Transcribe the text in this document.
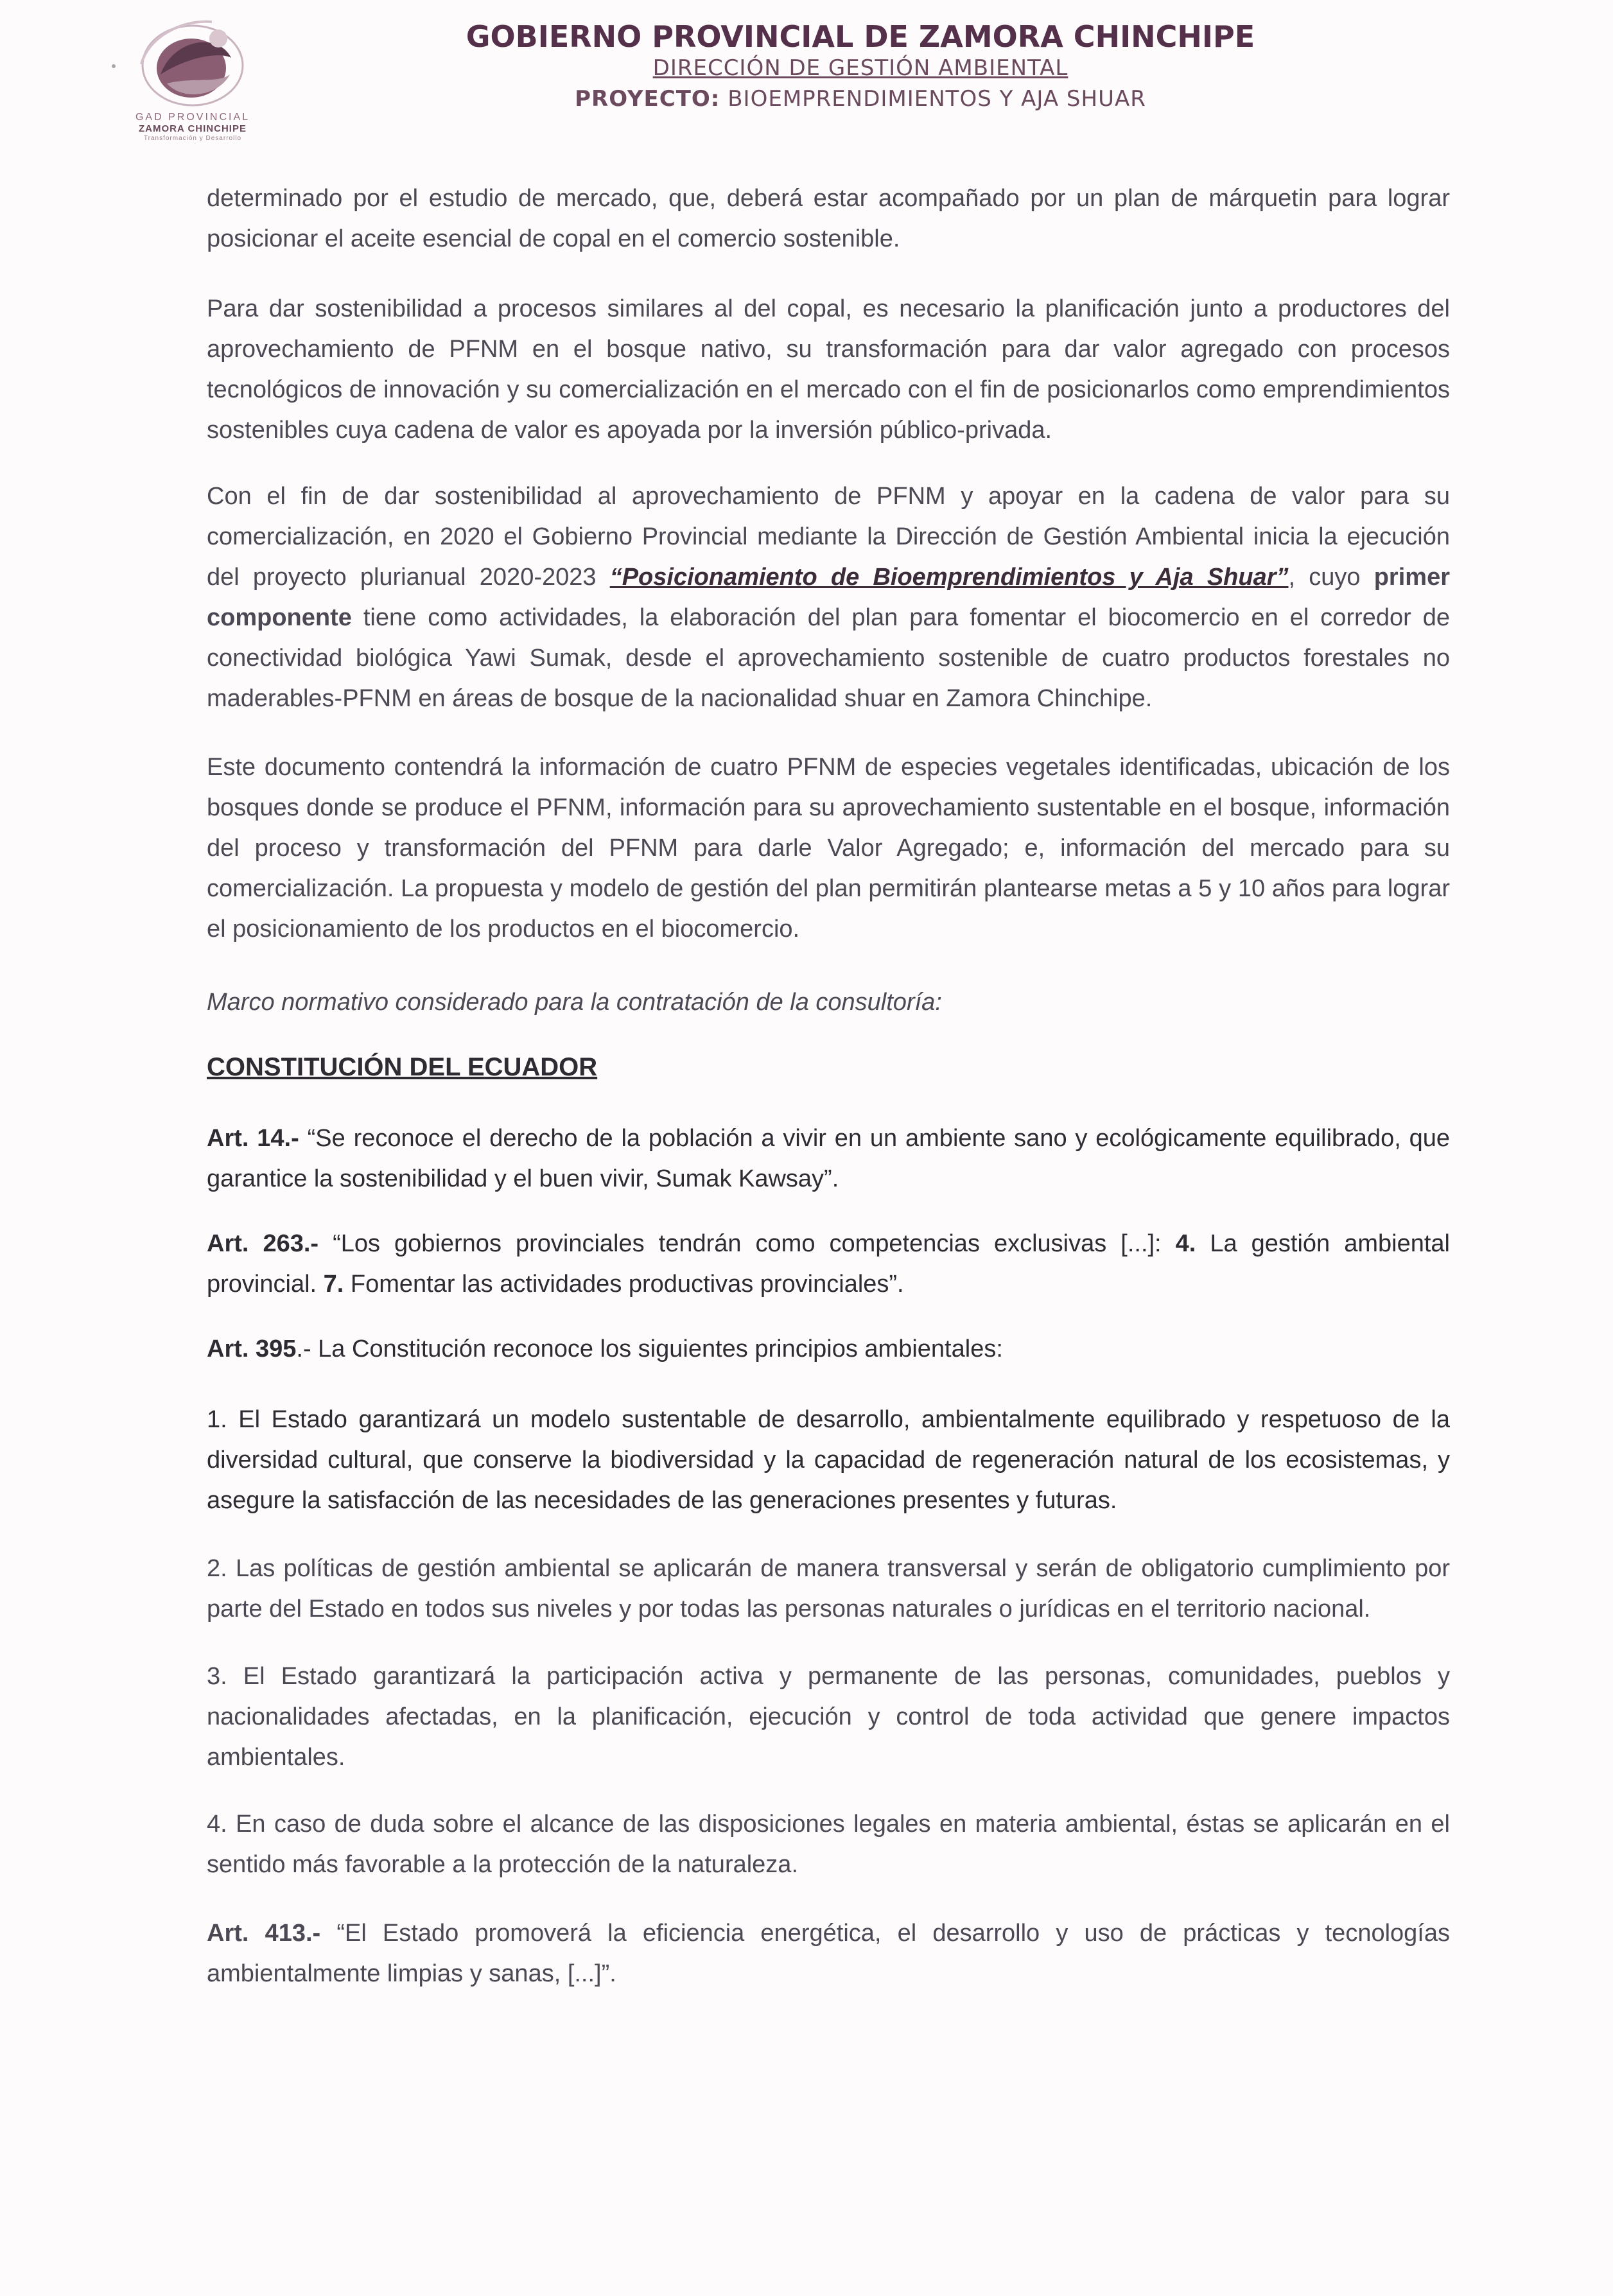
GAD PROVINCIAL
ZAMORA CHINCHIPE
Transformación y Desarrollo
GOBIERNO PROVINCIAL DE ZAMORA CHINCHIPE
DIRECCIÓN DE GESTIÓN AMBIENTAL
PROYECTO: BIOEMPRENDIMIENTOS Y AJA SHUAR
determinado por el estudio de mercado, que, deberá estar acompañado por un plan de márquetin para lograr posicionar el aceite esencial de copal en el comercio sostenible.
Para dar sostenibilidad a procesos similares al del copal, es necesario la planificación junto a productores del aprovechamiento de PFNM en el bosque nativo, su transformación para dar valor agregado con procesos tecnológicos de innovación y su comercialización en el mercado con el fin de posicionarlos como emprendimientos sostenibles cuya cadena de valor es apoyada por la inversión público-privada.
Con el fin de dar sostenibilidad al aprovechamiento de PFNM y apoyar en la cadena de valor para su comercialización, en 2020 el Gobierno Provincial mediante la Dirección de Gestión Ambiental inicia la ejecución del proyecto plurianual 2020-2023 “Posicionamiento de Bioemprendimientos y Aja Shuar”, cuyo primer componente tiene como actividades, la elaboración del plan para fomentar el biocomercio en el corredor de conectividad biológica Yawi Sumak, desde el aprovechamiento sostenible de cuatro productos forestales no maderables-PFNM en áreas de bosque de la nacionalidad shuar en Zamora Chinchipe.
Este documento contendrá la información de cuatro PFNM de especies vegetales identificadas, ubicación de los bosques donde se produce el PFNM, información para su aprovechamiento sustentable en el bosque, información del proceso y transformación del PFNM para darle Valor Agregado; e, información del mercado para su comercialización. La propuesta y modelo de gestión del plan permitirán plantearse metas a 5 y 10 años para lograr el posicionamiento de los productos en el biocomercio.
Marco normativo considerado para la contratación de la consultoría:
CONSTITUCIÓN DEL ECUADOR
Art. 14.- “Se reconoce el derecho de la población a vivir en un ambiente sano y ecológicamente equilibrado, que garantice la sostenibilidad y el buen vivir, Sumak Kawsay”.
Art. 263.- “Los gobiernos provinciales tendrán como competencias exclusivas [...]: 4. La gestión ambiental provincial. 7. Fomentar las actividades productivas provinciales”.
Art. 395.- La Constitución reconoce los siguientes principios ambientales:
1. El Estado garantizará un modelo sustentable de desarrollo, ambientalmente equilibrado y respetuoso de la diversidad cultural, que conserve la biodiversidad y la capacidad de regeneración natural de los ecosistemas, y asegure la satisfacción de las necesidades de las generaciones presentes y futuras.
2. Las políticas de gestión ambiental se aplicarán de manera transversal y serán de obligatorio cumplimiento por parte del Estado en todos sus niveles y por todas las personas naturales o jurídicas en el territorio nacional.
3. El Estado garantizará la participación activa y permanente de las personas, comunidades, pueblos y nacionalidades afectadas, en la planificación, ejecución y control de toda actividad que genere impactos ambientales.
4. En caso de duda sobre el alcance de las disposiciones legales en materia ambiental, éstas se aplicarán en el sentido más favorable a la protección de la naturaleza.
Art. 413.- “El Estado promoverá la eficiencia energética, el desarrollo y uso de prácticas y tecnologías ambientalmente limpias y sanas, [...]”.
